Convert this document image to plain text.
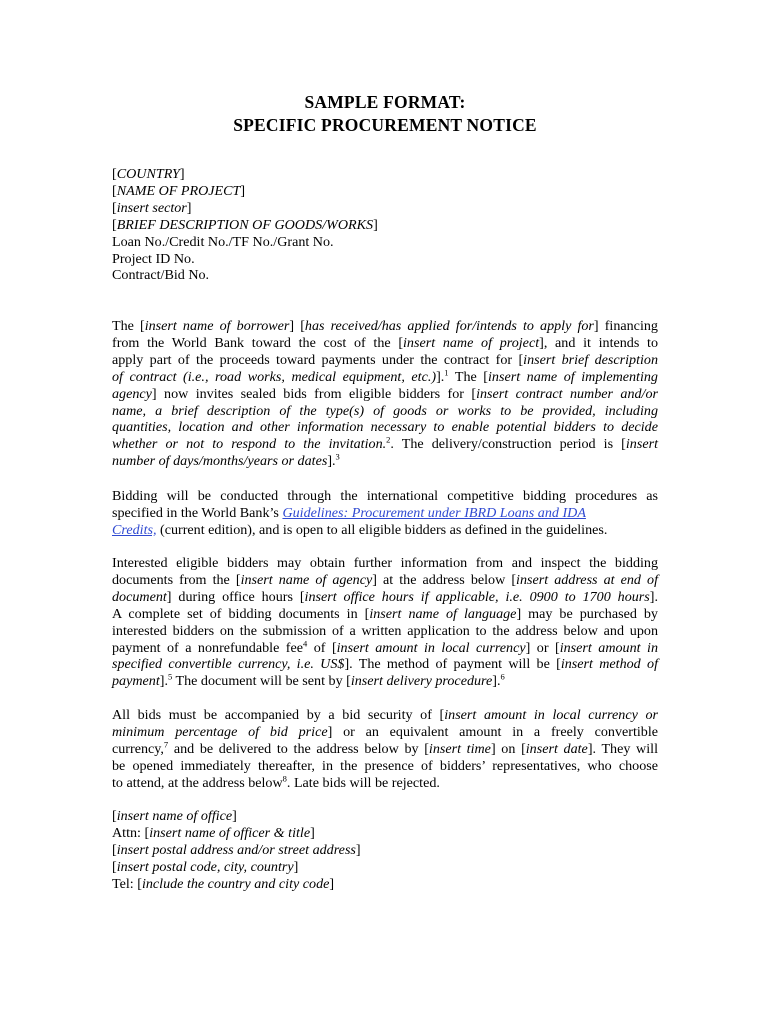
SAMPLE FORMAT:
SPECIFIC PROCUREMENT NOTICE
[COUNTRY]
[NAME OF PROJECT]
[insert sector]
[BRIEF DESCRIPTION OF GOODS/WORKS]
Loan No./Credit No./TF No./Grant No.
Project ID No.
Contract/Bid No.
The [insert name of borrower] [has received/has applied for/intends to apply for] financing
from the World Bank toward the cost of the [insert name of project], and it intends to
apply part of the proceeds toward payments under the contract for [insert brief description
of contract (i.e., road works, medical equipment, etc.)].$^1$ The [insert name of implementing
agency] now invites sealed bids from eligible bidders for [insert contract number and/or
name, a brief description of the type(s) of goods or works to be provided, including
quantities, location and other information necessary to enable potential bidders to decide
whether or not to respond to the invitation.$^2$. The delivery/construction period is [insert
number of days/months/years or dates].$^3$
Bidding will be conducted through the international competitive bidding procedures as
specified in the World Bank’s Guidelines: Procurement under IBRD Loans and IDA
Credits, (current edition), and is open to all eligible bidders as defined in the guidelines.
Interested eligible bidders may obtain further information from and inspect the bidding
documents from the [insert name of agency] at the address below [insert address at end of
document] during office hours [insert office hours if applicable, i.e. 0900 to 1700 hours].
A complete set of bidding documents in [insert name of language] may be purchased by
interested bidders on the submission of a written application to the address below and upon
payment of a nonrefundable fee$^4$ of [insert amount in local currency] or [insert amount in
specified convertible currency, i.e. US$]. The method of payment will be [insert method of
payment].$^5$ The document will be sent by [insert delivery procedure].$^6$
All bids must be accompanied by a bid security of [insert amount in local currency or
minimum percentage of bid price] or an equivalent amount in a freely convertible
currency,$^7$ and be delivered to the address below by [insert time] on [insert date]. They will
be opened immediately thereafter, in the presence of bidders’ representatives, who choose
to attend, at the address below$^8$. Late bids will be rejected.
[insert name of office]
Attn: [insert name of officer & title]
[insert postal address and/or street address]
[insert postal code, city, country]
Tel: [include the country and city code]
